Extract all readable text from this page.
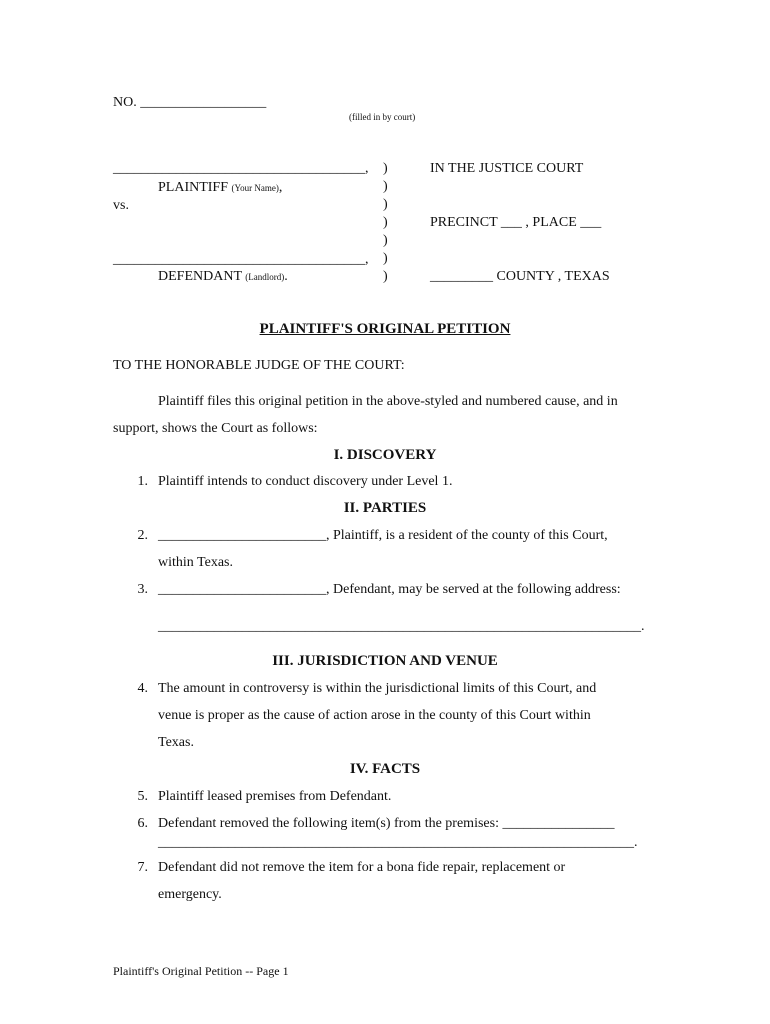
NO. __________________
(filled in by court)
____________________________________,
PLAINTIFF (Your Name),
vs.
____________________________________,
DEFENDANT (Landlord).
)
)
)
)
)
)
)
IN THE JUSTICE COURT
PRECINCT ___ , PLACE ___
_________ COUNTY , TEXAS
PLAINTIFF'S ORIGINAL PETITION
TO THE HONORABLE JUDGE OF THE COURT:
Plaintiff files this original petition in the above-styled and numbered cause, and in
support, shows the Court as follows:
I. DISCOVERY
1. Plaintiff intends to conduct discovery under Level 1.
II. PARTIES
2. ________________________, Plaintiff, is a resident of the county of this Court,
within Texas.
3. ________________________, Defendant, may be served at the following address:
_____________________________________________________________________.
III. JURISDICTION AND VENUE
4. The amount in controversy is within the jurisdictional limits of this Court, and
venue is proper as the cause of action arose in the county of this Court within
Texas.
IV. FACTS
5. Plaintiff leased premises from Defendant.
6. Defendant removed the following item(s) from the premises: ________________
____________________________________________________________________.
7. Defendant did not remove the item for a bona fide repair, replacement or
emergency.
Plaintiff's Original Petition -- Page 1
